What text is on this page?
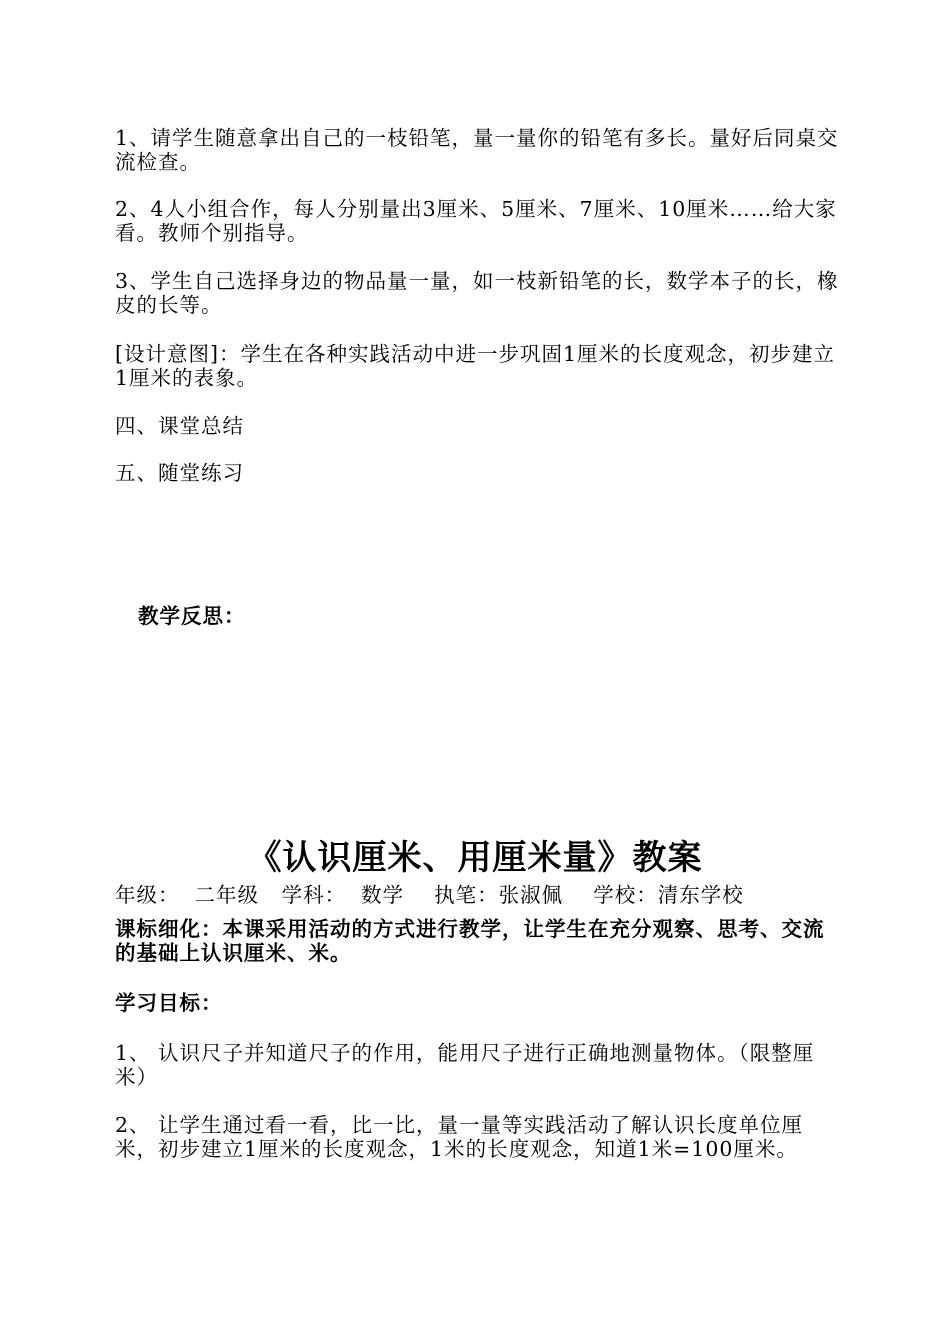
1、请学生随意拿出自己的一枝铅笔，量一量你的铅笔有多长。量好后同桌交流检查。

2、4人小组合作，每人分别量出3厘米、5厘米、7厘米、10厘米……给大家看。教师个别指导。

3、学生自己选择身边的物品量一量，如一枝新铅笔的长，数学本子的长，橡皮的长等。

[设计意图]：学生在各种实践活动中进一步巩固1厘米的长度观念，初步建立1厘米的表象。

四、课堂总结

五、随堂练习

教学反思：
《认识厘米、用厘米量》教案
年级：  二年级   学科：  数学    执笔：张淑佩    学校：清东学校

课标细化：本课采用活动的方式进行教学，让学生在充分观察、思考、交流的基础上认识厘米、米。

学习目标：

1、 认识尺子并知道尺子的作用，能用尺子进行正确地测量物体。（限整厘米）

2、 让学生通过看一看，比一比，量一量等实践活动了解认识长度单位厘米，初步建立1厘米的长度观念，1米的长度观念，知道1米=100厘米。
